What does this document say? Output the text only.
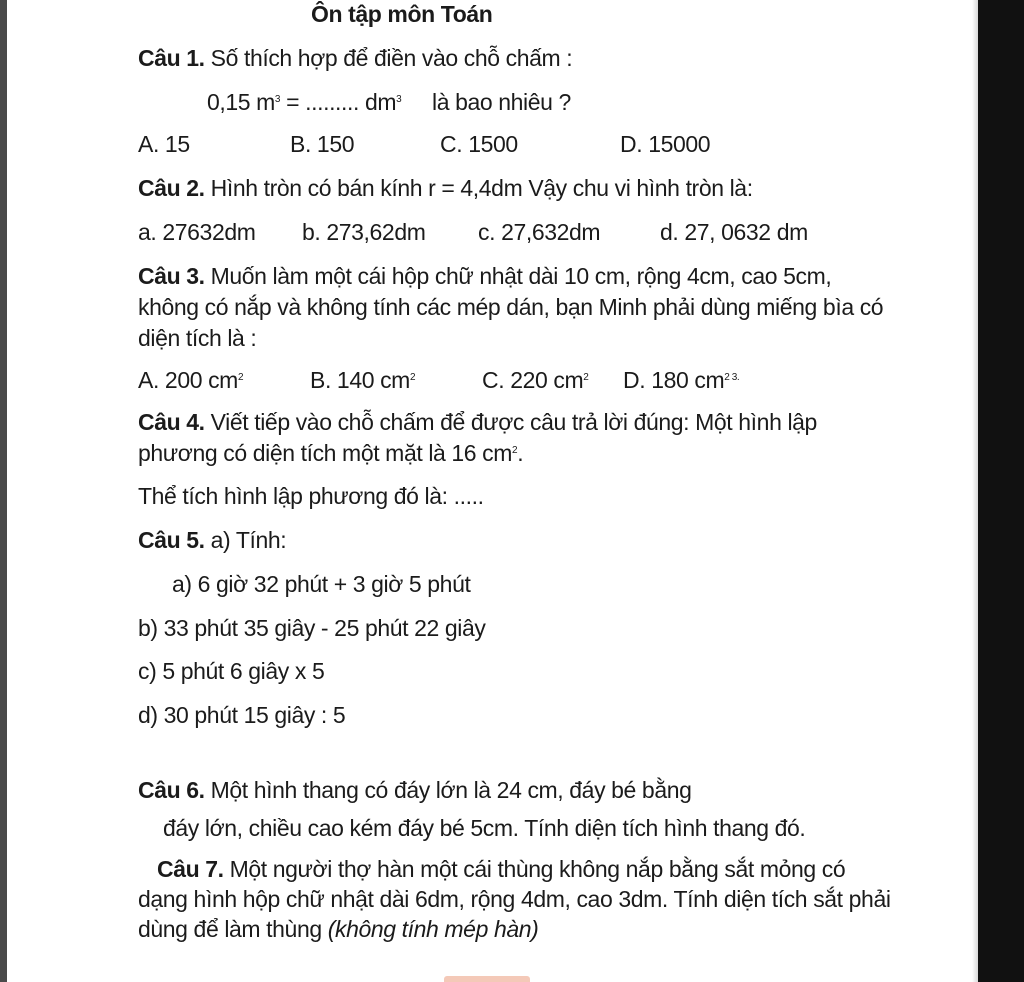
Ôn tập môn Toán
Câu 1. Số thích hợp để điền vào chỗ chấm :
0,15 $m^3$ = ......... $dm^3$ là bao nhiêu ?
A. 15	B. 150	C. 1500	D. 15000
Câu 2. Hình tròn có bán kính r = 4,4dm Vậy chu vi hình tròn là:
a. 27632dm b. 273,62dm c. 27,632dm	d. 27, 0632 dm
Câu 3. Muốn làm một cái hộp chữ nhật dài 10 cm, rộng 4cm, cao 5cm,
không có nắp và không tính các mép dán, bạn Minh phải dùng miếng bìa có
diện tích là :
A. 200 $cm^2$	B. 140 $cm^2$	C. 220 $cm^2$ D. 180 $cm^{2 3.}$
Câu 4. Viết tiếp vào chỗ chấm để được câu trả lời đúng: Một hình lập
phương có diện tích một mặt là 16 $cm^2$.
Thể tích hình lập phương đó là: .....
Câu 5. a) Tính:
a) 6 giờ 32 phút + 3 giờ 5 phút
b) 33 phút 35 giây - 25 phút 22 giây
c) 5 phút 6 giây x 5
d) 30 phút 15 giây : 5
Câu 6. Một hình thang có đáy lớn là 24 cm, đáy bé bằng
đáy lớn, chiều cao kém đáy bé 5cm. Tính diện tích hình thang đó.
Câu 7. Một người thợ hàn một cái thùng không nắp bằng sắt mỏng có
dạng hình hộp chữ nhật dài 6dm, rộng 4dm, cao 3dm. Tính diện tích sắt phải
dùng để làm thùng (không tính mép hàn)
